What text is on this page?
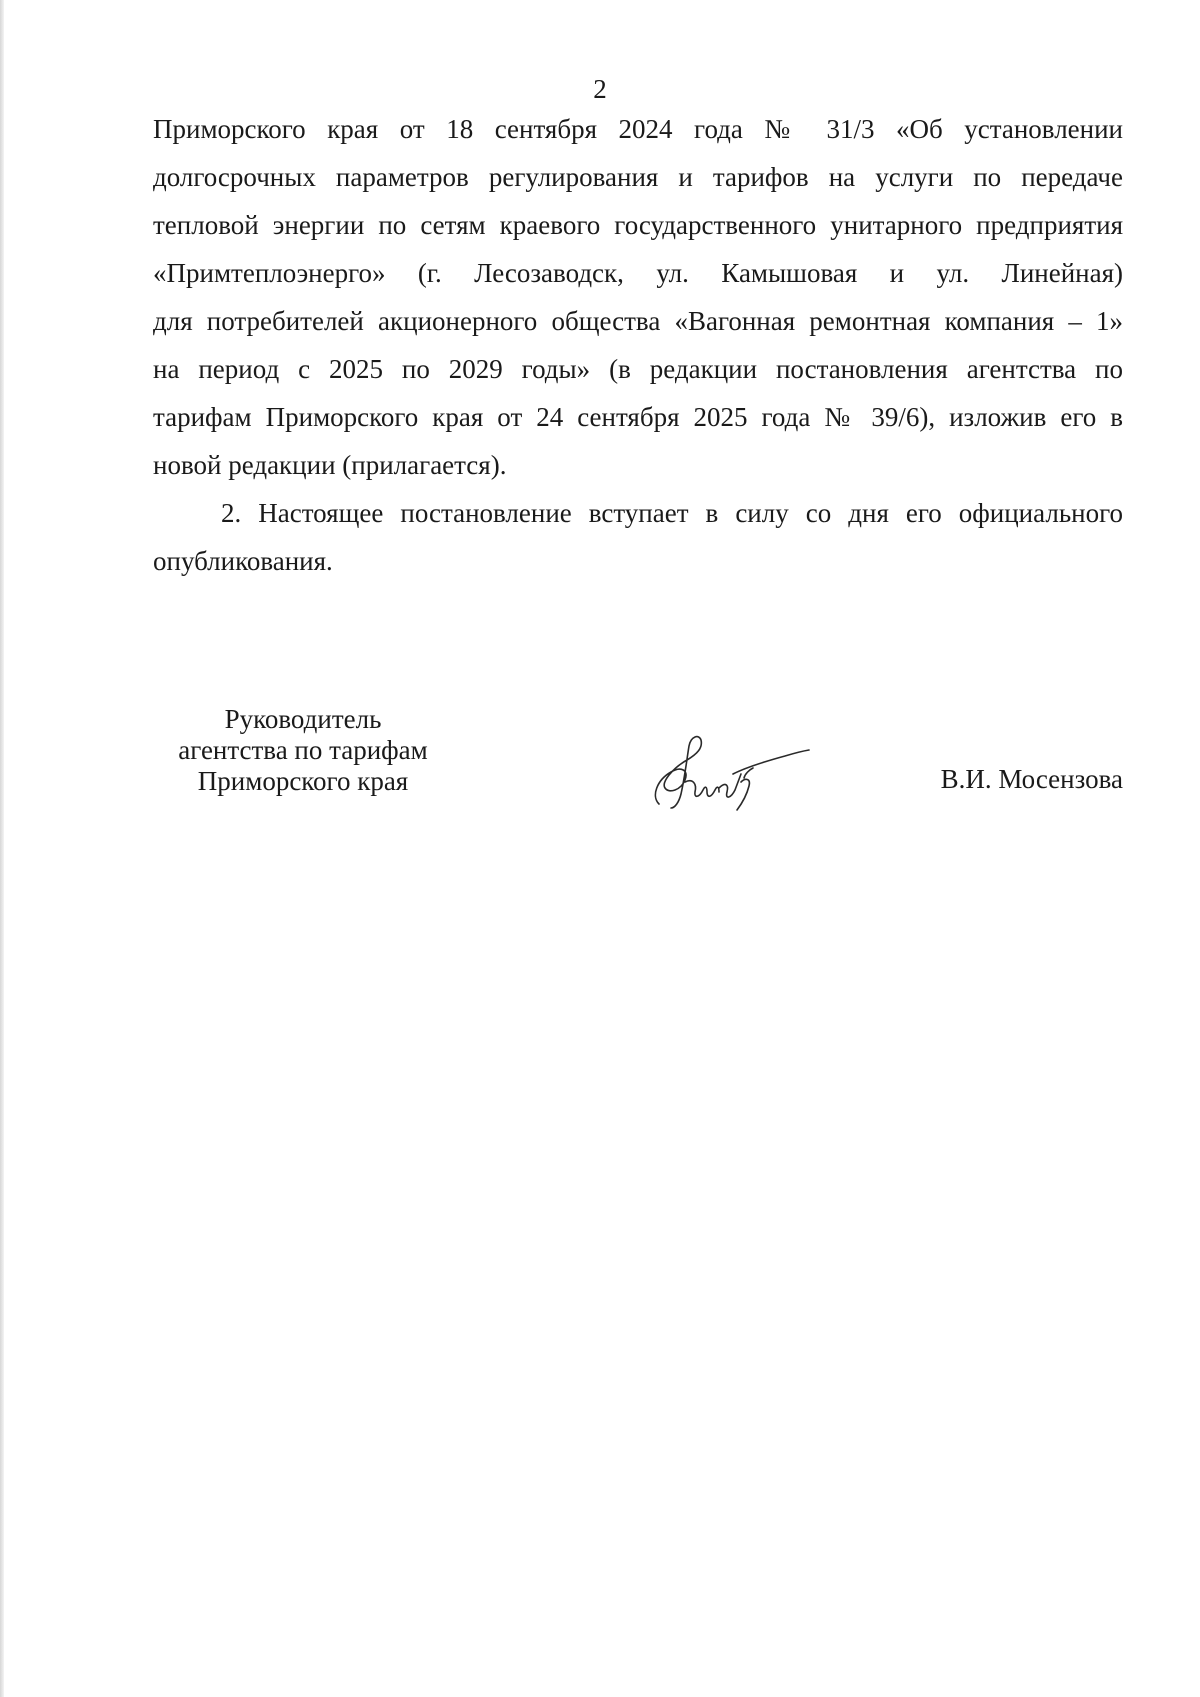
2
Приморского края от 18 сентября 2024 года № 31/3 «Об установлении
долгосрочных параметров регулирования и тарифов на услуги по передаче
тепловой энергии по сетям краевого государственного унитарного предприятия
«Примтеплоэнерго» (г. Лесозаводск, ул. Камышовая и ул. Линейная)
для потребителей акционерного общества «Вагонная ремонтная компания – 1»
на период с 2025 по 2029 годы» (в редакции постановления агентства по
тарифам Приморского края от 24 сентября 2025 года № 39/6), изложив его в
новой редакции (прилагается).
2. Настоящее постановление вступает в силу со дня его официального
опубликования.
Руководитель
агентства по тарифам
Приморского края	В.И. Мосензова
